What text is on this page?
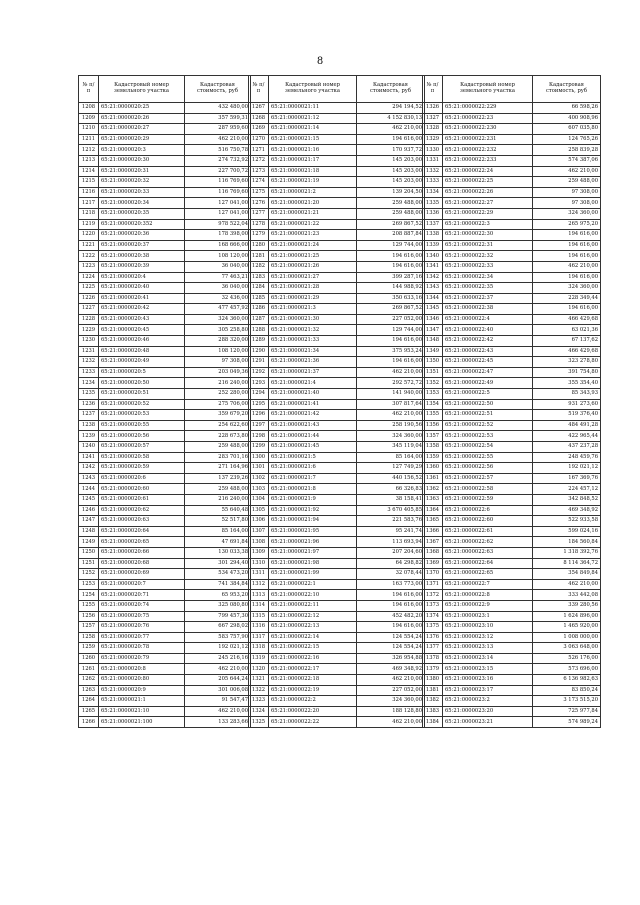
8
№ п/п	Кадастровый номер земельного участка	Кадастровая стоимость, руб
1208	65:21:0000020:25	432 480,00
1209	65:21:0000020:26	357 599,31
1210	65:21:0000020:27	287 959,60
1211	65:21:0000020:29	462 210,00
1212	65:21:0000020:3	516 750,78
1213	65:21:0000020:30	274 732,92
1214	65:21:0000020:31	227 700,72
1215	65:21:0000020:32	116 769,60
1216	65:21:0000020:33	116 769,60
1217	65:21:0000020:34	127 041,00
1218	65:21:0000020:35	127 041,00
1219	65:21:0000020:352	978 522,04
1220	65:21:0000020:36	178 398,00
1221	65:21:0000020:37	168 666,00
1222	65:21:0000020:38	108 120,00
1223	65:21:0000020:39	36 040,00
1224	65:21:0000020:4	77 463,21
1225	65:21:0000020:40	36 040,00
1226	65:21:0000020:41	32 436,00
1227	65:21:0000020:42	477 457,92
1228	65:21:0000020:43	324 360,00
1229	65:21:0000020:45	305 258,80
1230	65:21:0000020:46	288 320,00
1231	65:21:0000020:48	108 120,00
1232	65:21:0000020:49	97 308,00
1233	65:21:0000020:5	203 049,36
1234	65:21:0000020:50	216 240,00
1235	65:21:0000020:51	252 280,00
1236	65:21:0000020:52	275 706,00
1237	65:21:0000020:53	359 679,20
1238	65:21:0000020:55	254 622,60
1239	65:21:0000020:56	228 673,80
1240	65:21:0000020:57	259 488,00
1241	65:21:0000020:58	283 701,16
1242	65:21:0000020:59	271 164,96
1243	65:21:0000020:6	137 239,26
1244	65:21:0000020:60	259 488,00
1245	65:21:0000020:61	216 240,00
1246	65:21:0000020:62	55 640,48
1247	65:21:0000020:63	52 517,80
1248	65:21:0000020:64	85 164,00
1249	65:21:0000020:65	47 691,84
1250	65:21:0000020:66	130 033,38
1251	65:21:0000020:68	301 294,40
1252	65:21:0000020:69	534 473,20
1253	65:21:0000020:7	741 384,84
1254	65:21:0000020:71	65 953,20
1255	65:21:0000020:74	325 080,80
1256	65:21:0000020:75	799 457,30
1257	65:21:0000020:76	667 298,02
1258	65:21:0000020:77	583 757,90
1259	65:21:0000020:78	192 021,12
1260	65:21:0000020:79	245 216,16
1261	65:21:0000020:8	462 210,00
1262	65:21:0000020:80	205 644,24
1263	65:21:0000020:9	301 006,08
1264	65:21:0000021:1	91 547,47
1265	65:21:0000021:10	462 210,00
1266	65:21:0000021:100	133 283,66
№ п/п	Кадастровый номер земельного участка	Кадастровая стоимость, руб
1267	65:21:0000021:11	294 194,52
1268	65:21:0000021:12	4 152 830,13
1269	65:21:0000021:14	462 210,00
1270	65:21:0000021:15	194 616,00
1271	65:21:0000021:16	170 937,72
1272	65:21:0000021:17	145 203,00
1273	65:21:0000021:18	145 203,00
1274	65:21:0000021:19	145 203,00
1275	65:21:0000021:2	139 204,50
1276	65:21:0000021:20	259 488,00
1277	65:21:0000021:21	259 488,00
1278	65:21:0000021:22	269 867,52
1279	65:21:0000021:23	208 887,84
1280	65:21:0000021:24	129 744,00
1281	65:21:0000021:25	194 616,00
1282	65:21:0000021:26	194 616,00
1283	65:21:0000021:27	399 287,16
1284	65:21:0000021:28	144 988,92
1285	65:21:0000021:29	350 633,16
1286	65:21:0000021:3	269 867,52
1287	65:21:0000021:30	227 052,00
1288	65:21:0000021:32	129 744,00
1289	65:21:0000021:33	194 616,00
1290	65:21:0000021:34	375 953,24
1291	65:21:0000021:36	194 616,00
1292	65:21:0000021:37	462 210,00
1293	65:21:0000021:4	292 572,72
1294	65:21:0000021:40	141 940,00
1295	65:21:0000021:41	307 817,64
1296	65:21:0000021:42	462 210,00
1297	65:21:0000021:43	258 190,56
1298	65:21:0000021:44	324 360,00
1299	65:21:0000021:45	345 119,04
1300	65:21:0000021:5	85 164,00
1301	65:21:0000021:6	127 749,29
1302	65:21:0000021:7	440 156,52
1303	65:21:0000021:8	66 326,83
1304	65:21:0000021:9	38 158,41
1305	65:21:0000021:92	3 670 405,85
1306	65:21:0000021:94	221 583,76
1307	65:21:0000021:95	95 241,74
1308	65:21:0000021:96	113 693,94
1309	65:21:0000021:97	207 204,60
1310	65:21:0000021:98	64 298,82
1311	65:21:0000021:99	32 078,44
1312	65:21:0000022:1	163 773,00
1313	65:21:0000022:10	194 616,00
1314	65:21:0000022:11	194 616,00
1315	65:21:0000022:12	452 482,20
1316	65:21:0000022:13	194 616,00
1317	65:21:0000022:14	124 554,24
1318	65:21:0000022:15	124 554,24
1319	65:21:0000022:16	326 954,88
1320	65:21:0000022:17	469 348,92
1321	65:21:0000022:18	462 210,00
1322	65:21:0000022:19	227 052,00
1323	65:21:0000022:2	324 360,00
1324	65:21:0000022:20	188 128,80
1325	65:21:0000022:22	462 210,00
№ п/п	Кадастровый номер земельного участка	Кадастровая стоимость, руб
1326	65:21:0000022:229	66 598,26
1327	65:21:0000022:23	400 908,96
1328	65:21:0000022:230	607 035,80
1329	65:21:0000022:231	124 765,26
1330	65:21:0000022:232	258 839,28
1331	65:21:0000022:233	574 387,06
1332	65:21:0000022:24	462 210,00
1333	65:21:0000022:25	259 488,00
1334	65:21:0000022:26	97 308,00
1335	65:21:0000022:27	97 308,00
1336	65:21:0000022:29	324 360,00
1337	65:21:0000022:3	265 975,20
1338	65:21:0000022:30	194 616,00
1339	65:21:0000022:31	194 616,00
1340	65:21:0000022:32	194 616,00
1341	65:21:0000022:33	462 210,00
1342	65:21:0000022:34	194 616,00
1343	65:21:0000022:35	324 360,00
1344	65:21:0000022:37	228 349,44
1345	65:21:0000022:38	194 616,00
1346	65:21:0000022:4	466 429,68
1347	65:21:0000022:40	63 021,36
1348	65:21:0000022:42	67 137,62
1349	65:21:0000022:43	466 429,68
1350	65:21:0000022:45	323 278,80
1351	65:21:0000022:47	391 754,80
1352	65:21:0000022:49	355 354,40
1353	65:21:0000022:5	85 343,93
1354	65:21:0000022:50	931 273,60
1355	65:21:0000022:51	519 376,40
1356	65:21:0000022:52	484 491,28
1357	65:21:0000022:53	422 965,44
1358	65:21:0000022:54	437 237,28
1359	65:21:0000022:55	248 459,76
1360	65:21:0000022:56	192 021,12
1361	65:21:0000022:57	167 369,76
1362	65:21:0000022:58	224 457,12
1363	65:21:0000022:59	342 848,52
1364	65:21:0000022:6	469 348,92
1365	65:21:0000022:60	522 933,58
1366	65:21:0000022:61	599 024,16
1367	65:21:0000022:62	184 560,84
1368	65:21:0000022:63	1 318 392,76
1369	65:21:0000022:64	8 114 364,72
1370	65:21:0000022:65	354 849,84
1371	65:21:0000022:7	462 210,00
1372	65:21:0000022:8	333 442,08
1373	65:21:0000022:9	339 280,56
1374	65:21:0000023:1	1 624 896,00
1375	65:21:0000023:10	1 465 920,00
1376	65:21:0000023:12	1 008 000,00
1377	65:21:0000023:13	3 063 648,00
1378	65:21:0000023:14	526 176,00
1379	65:21:0000023:15	573 696,00
1380	65:21:0000023:16	6 136 982,63
1381	65:21:0000023:17	83 850,24
1382	65:21:0000023:2	3 173 515,20
1383	65:21:0000023:20	725 977,84
1384	65:21:0000023:21	574 989,24
